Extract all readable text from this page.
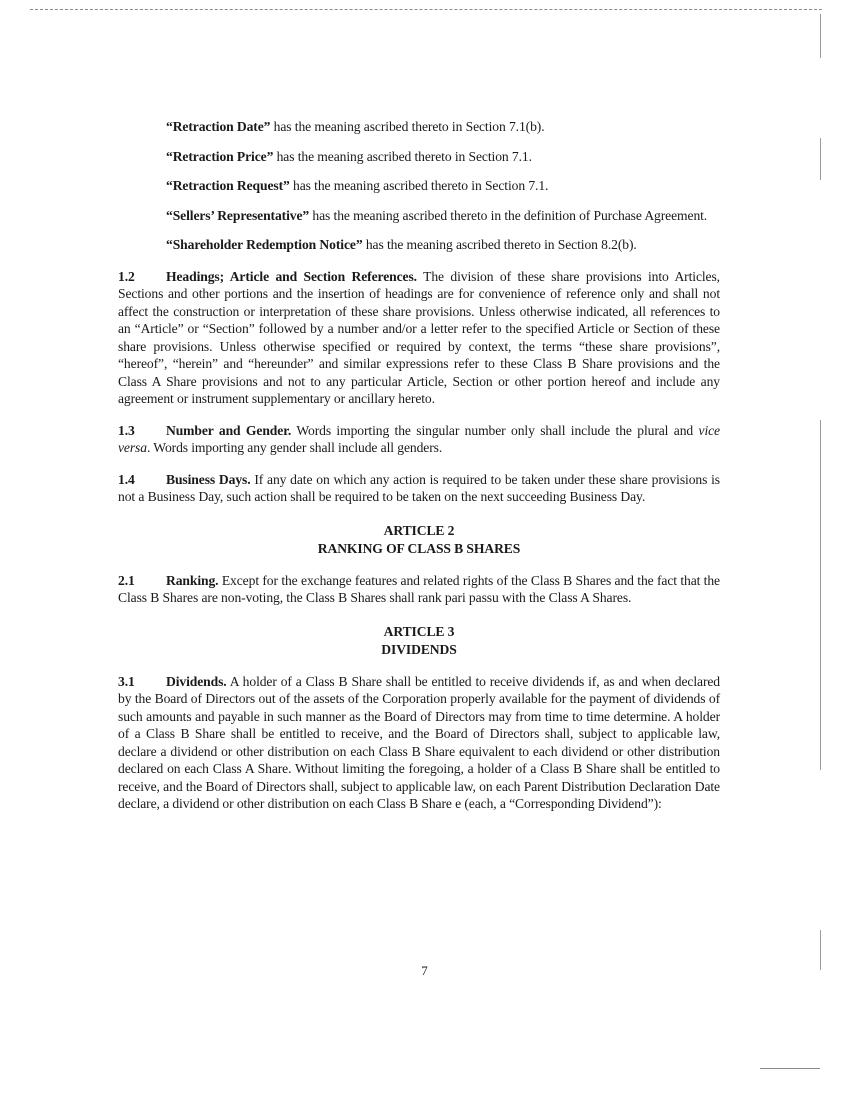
“Retraction Date” has the meaning ascribed thereto in Section 7.1(b).

“Retraction Price” has the meaning ascribed thereto in Section 7.1.

“Retraction Request” has the meaning ascribed thereto in Section 7.1.

“Sellers’ Representative” has the meaning ascribed thereto in the definition of Purchase Agreement.

“Shareholder Redemption Notice” has the meaning ascribed thereto in Section 8.2(b).

1.2 Headings; Article and Section References. The division of these share provisions into Articles, Sections and other portions and the insertion of headings are for convenience of reference only and shall not affect the construction or interpretation of these share provisions. Unless otherwise indicated, all references to an “Article” or “Section” followed by a number and/or a letter refer to the specified Article or Section of these share provisions. Unless otherwise specified or required by context, the terms “these share provisions”, “hereof”, “herein” and “hereunder” and similar expressions refer to these Class B Share provisions and the Class A Share provisions and not to any particular Article, Section or other portion hereof and include any agreement or instrument supplementary or ancillary hereto.

1.3 Number and Gender. Words importing the singular number only shall include the plural and vice versa. Words importing any gender shall include all genders.

1.4 Business Days. If any date on which any action is required to be taken under these share provisions is not a Business Day, such action shall be required to be taken on the next succeeding Business Day.

ARTICLE 2
RANKING OF CLASS B SHARES

2.1 Ranking. Except for the exchange features and related rights of the Class B Shares and the fact that the Class B Shares are non-voting, the Class B Shares shall rank pari passu with the Class A Shares.

ARTICLE 3
DIVIDENDS

3.1 Dividends. A holder of a Class B Share shall be entitled to receive dividends if, as and when declared by the Board of Directors out of the assets of the Corporation properly available for the payment of dividends of such amounts and payable in such manner as the Board of Directors may from time to time determine. A holder of a Class B Share shall be entitled to receive, and the Board of Directors shall, subject to applicable law, declare a dividend or other distribution on each Class B Share equivalent to each dividend or other distribution declared on each Class A Share. Without limiting the foregoing, a holder of a Class B Share shall be entitled to receive, and the Board of Directors shall, subject to applicable law, on each Parent Distribution Declaration Date declare, a dividend or other distribution on each Class B Share e (each, a “Corresponding Dividend”):

7
